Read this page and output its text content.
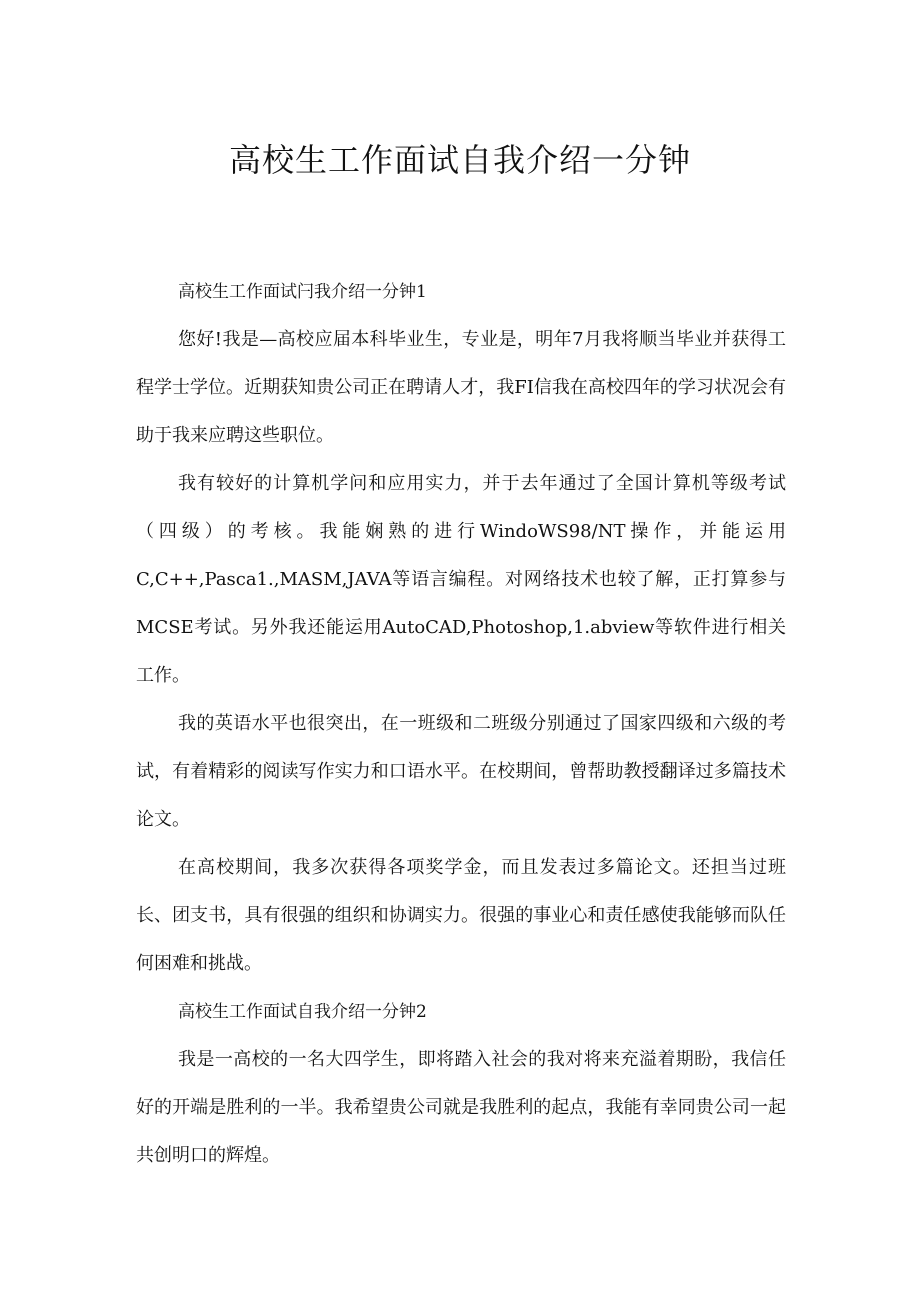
高校生工作面试自我介绍一分钟

高校生工作面试闩我介绍一分钟1

您好!我是—高校应届本科毕业生，专业是，明年7月我将顺当毕业并获得工程学士学位。近期获知贵公司正在聘请人才，我FI信我在高校四年的学习状况会有助于我来应聘这些职位。

我有较好的计算机学问和应用实力，并于去年通过了全国计算机等级考试（四级）的考核。我能娴熟的进行WindoWS98/NT操作，并能运用C,C++,Pasca1.,MASM,JAVA等语言编程。对网络技术也较了解，正打算参与MCSE考试。另外我还能运用AutoCAD,Photoshop,1.abview等软件进行相关工作。

我的英语水平也很突出，在一班级和二班级分别通过了国家四级和六级的考试，有着精彩的阅读写作实力和口语水平。在校期间，曾帮助教授翻译过多篇技术论文。

在高校期间，我多次获得各项奖学金，而且发表过多篇论文。还担当过班长、团支书，具有很强的组织和协调实力。很强的事业心和责任感使我能够而队任何困难和挑战。

高校生工作面试自我介绍一分钟2

我是一高校的一名大四学生，即将踏入社会的我对将来充溢着期盼，我信任好的开端是胜利的一半。我希望贵公司就是我胜利的起点，我能有幸同贵公司一起共创明口的辉煌。
